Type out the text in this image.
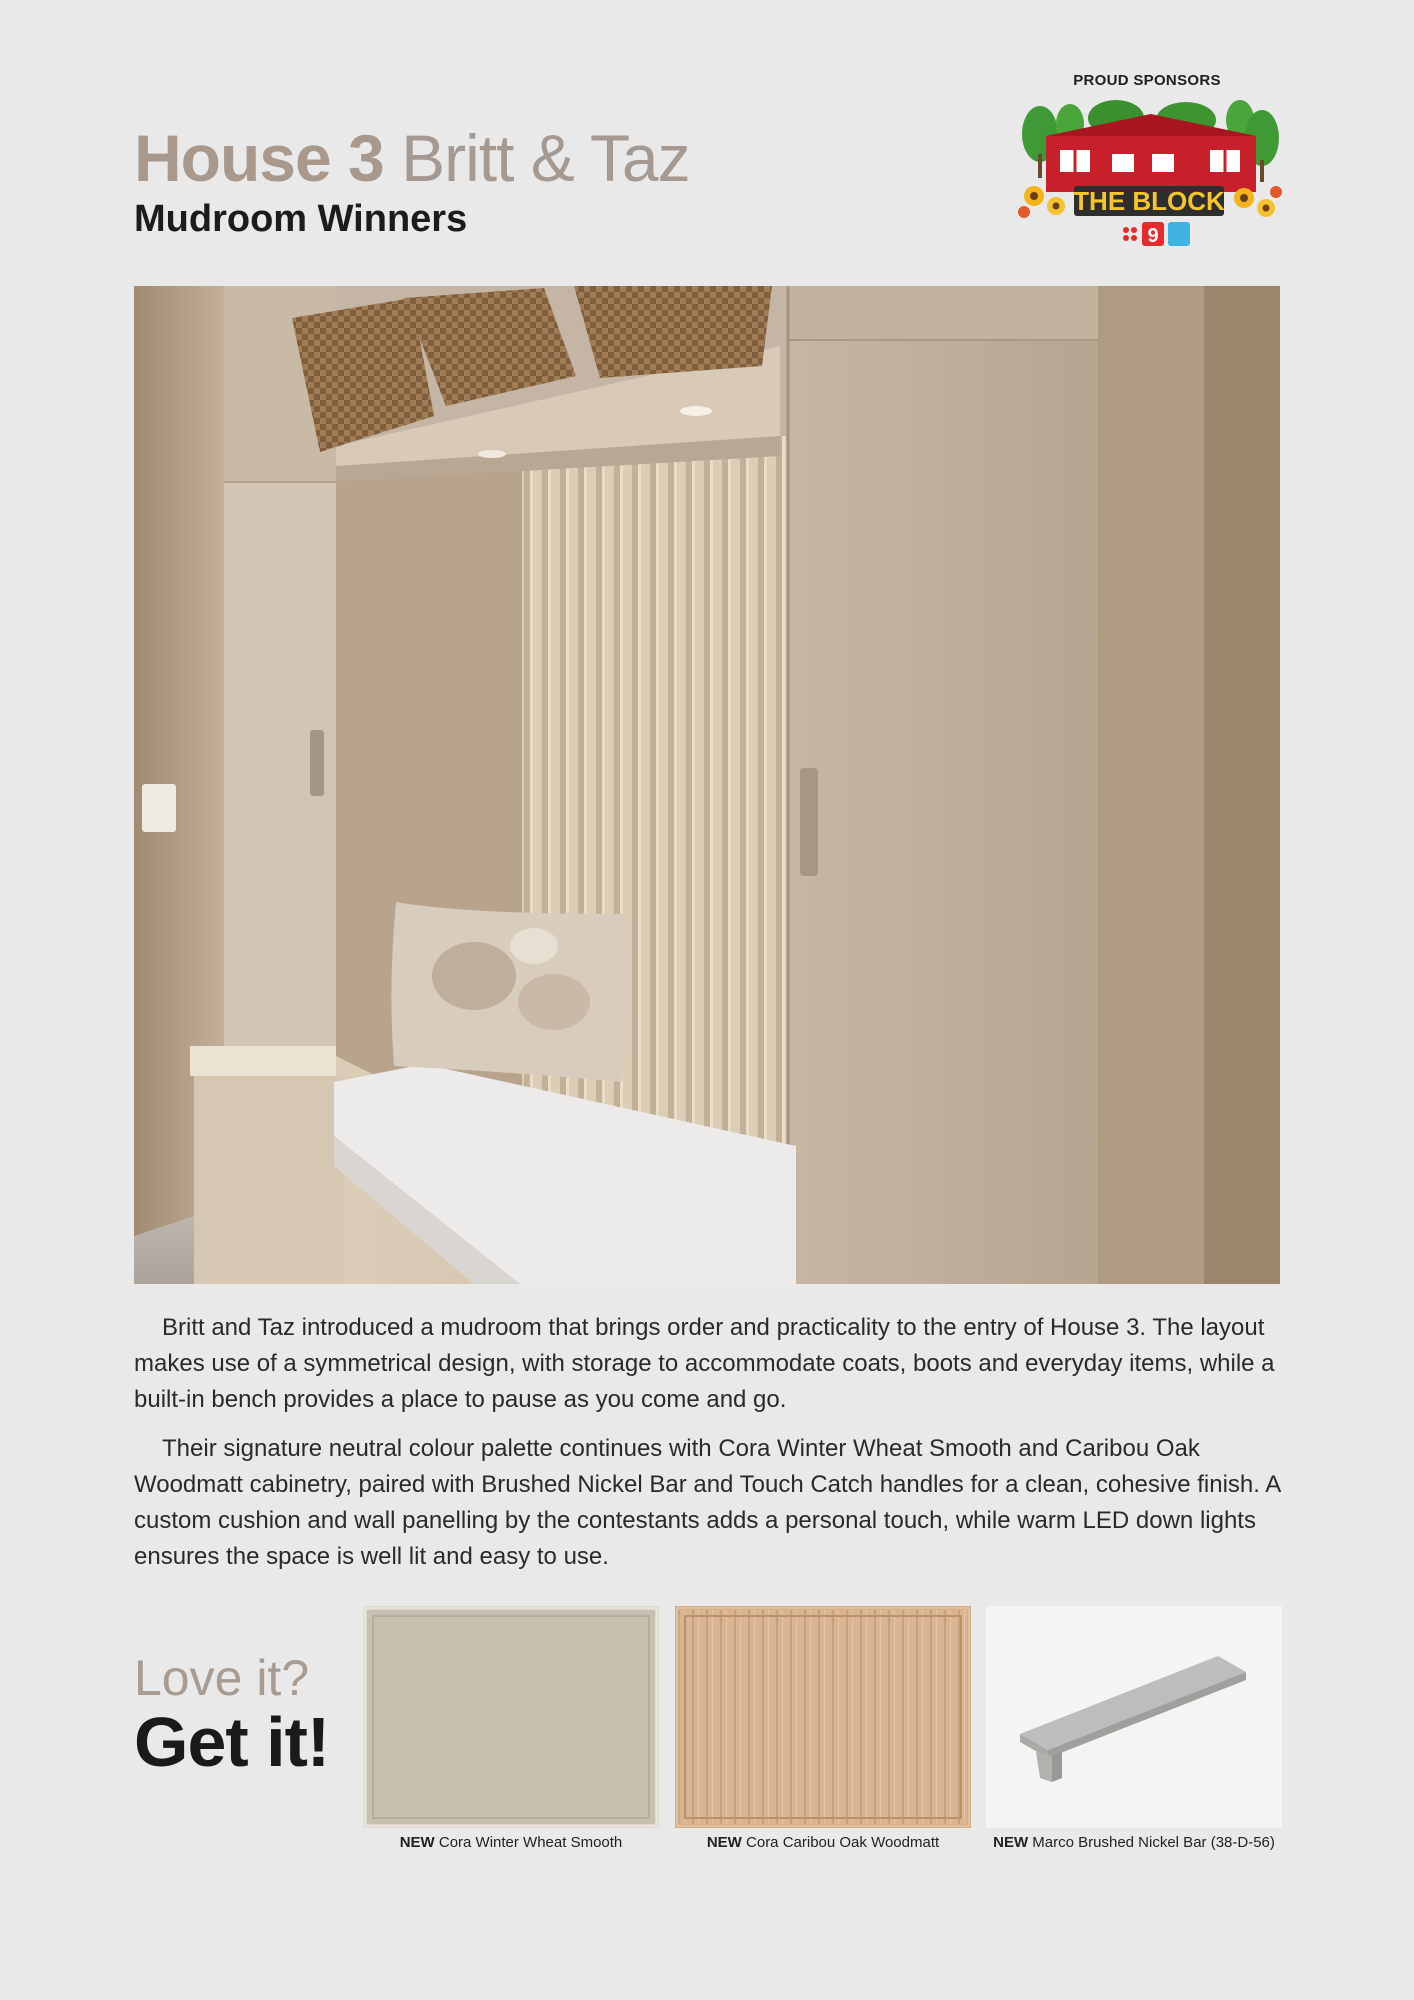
House 3 Britt & Taz
Mudroom Winners
PROUD SPONSORS
THE BLOCK
9

Britt and Taz introduced a mudroom that brings order and practicality to the entry of House 3. The layout makes use of a symmetrical design, with storage to accommodate coats, boots and everyday items, while a built-in bench provides a place to pause as you come and go.

Their signature neutral colour palette continues with Cora Winter Wheat Smooth and Caribou Oak Woodmatt cabinetry, paired with Brushed Nickel Bar and Touch Catch handles for a clean, cohesive finish. A custom cushion and wall panelling by the contestants adds a personal touch, while warm LED down lights ensures the space is well lit and easy to use.

Love it?
Get it!
NEW Cora Winter Wheat Smooth	NEW Cora Caribou Oak Woodmatt	NEW Marco Brushed Nickel Bar (38-D-56)
